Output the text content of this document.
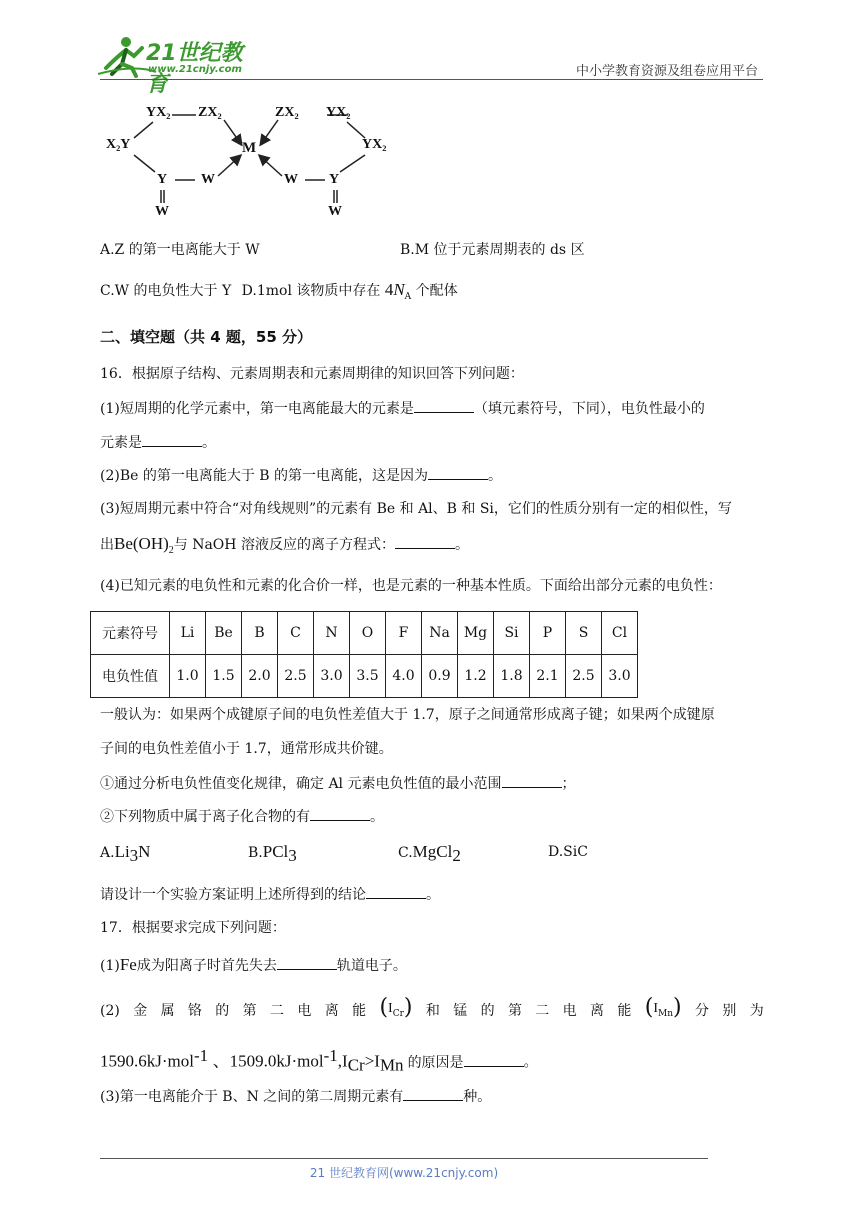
21世纪教育
www.21cnjy.com	中小学教育资源及组卷应用平台
YX₂ ZX₂	ZX₂ YX₂
X₂Y	M	YX₂
Y W	W Y
W	W
A.Z 的第一电离能大于 W	B.M 位于元素周期表的 ds 区
C.W 的电负性大于 Y D.1mol 该物质中存在 $4N_A$ 个配体
二、填空题（共 4 题，55 分）
16．根据原子结构、元素周期表和元素周期律的知识回答下列问题：
(1)短周期的化学元素中，第一电离能最大的元素是	（填元素符号，下同），电负性最小的
元素是	。
(2)Be 的第一电离能大于 B 的第一电离能，这是因为	。
(3)短周期元素中符合“对角线规则”的元素有 Be 和 Al、B 和 Si，它们的性质分别有一定的相似性，写
出$Be(OH)_2$与 NaOH 溶液反应的离子方程式：	。
(4)已知元素的电负性和元素的化合价一样，也是元素的一种基本性质。下面给出部分元素的电负性：
元素符号	Li	Be	B	C	N	O	F	Na	Mg	Si	P	S	Cl
电负性值	1.0	1.5	2.0	2.5	3.0	3.5	4.0	0.9	1.2	1.8	2.1	2.5	3.0
一般认为：如果两个成键原子间的电负性差值大于 1.7，原子之间通常形成离子键；如果两个成键原
子间的电负性差值小于 1.7，通常形成共价键。
①通过分析电负性值变化规律，确定 Al 元素电负性值的最小范围	；
②下列物质中属于离子化合物的有	。
$A.Li_3N$	B.PCl$_3$	C.MgCl$_2$	D.SiC
请设计一个实验方案证明上述所得到的结论	。
17．根据要求完成下列问题：
(1)Fe成为阳离子时首先失去	轨道电子。
(2) 金 属 铬 的 第 二 电 离 能 $(I_{Cr})$ 和 锰 的 第 二 电 离 能 $(I_{Mn})$ 分 别 为
1590.6kJ·mol$^{-1}$ 、$1509.0kJ\cdot mol^{-1},I_{Cr}>I_{Mn}$ 的原因是	。
(3)第一电离能介于 B、N 之间的第二周期元素有	种。
21 世纪教育网(www.21cnjy.com)
